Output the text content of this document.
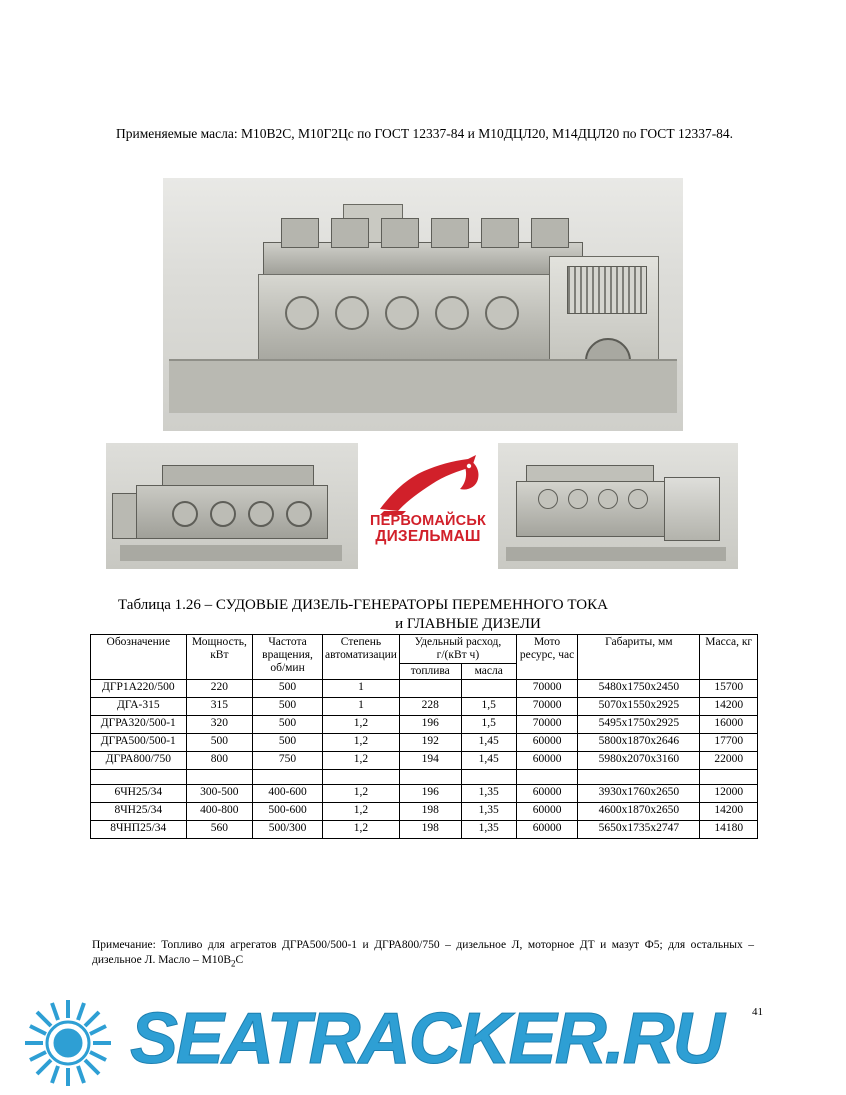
Применяемые масла: М10В2С, М10Г2Цс по ГОСТ 12337-84 и М10ДЦЛ20, М14ДЦЛ20 по ГОСТ 12337-84.
ПЕРВОМАЙСЬК
ДИЗЕЛЬМАШ
Таблица 1.26 – СУДОВЫЕ ДИЗЕЛЬ-ГЕНЕРАТОРЫ ПЕРЕМЕННОГО ТОКА
и ГЛАВНЫЕ ДИЗЕЛИ
Обозначение	Мощность, кВт	Частота вращения, об/мин	Степень автоматизации	Удельный расход, г/(кВт ч)		Мото ресурс, час	Габариты, мм	Масса, кг
				топлива	масла			
ДГР1А220/500	220	500	1			70000	5480х1750х2450	15700
ДГА-315	315	500	1	228	1,5	70000	5070х1550х2925	14200
ДГРА320/500-1	320	500	1,2	196	1,5	70000	5495х1750х2925	16000
ДГРА500/500-1	500	500	1,2	192	1,45	60000	5800х1870х2646	17700
ДГРА800/750	800	750	1,2	194	1,45	60000	5980х2070х3160	22000

6ЧН25/34	300-500	400-600	1,2	196	1,35	60000	3930х1760х2650	12000
8ЧН25/34	400-800	500-600	1,2	198	1,35	60000	4600х1870х2650	14200
8ЧНП25/34	560	500/300	1,2	198	1,35	60000	5650х1735х2747	14180
Примечание: Топливо для агрегатов ДГРА500/500-1 и ДГРА800/750 – дизельное Л, моторное ДТ и мазут Ф5; для остальных – дизельное Л. Масло – $М10В_2С$
41
SEATRACKER.RU
